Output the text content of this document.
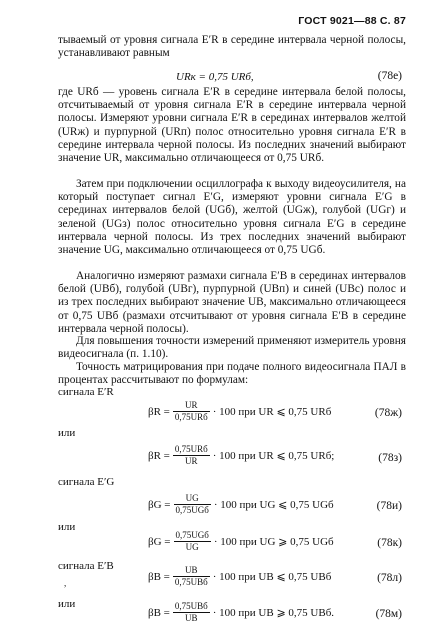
ГОСТ 9021—88 С. 87

тываемый от уровня сигнала E′R в середине интервала черной полосы, устанавливают равным

URк = 0,75 URб,	(78е)

где URб — уровень сигнала E′R в середине интервала белой полосы, отсчитываемый от уровня сигнала E′R в середине интервала черной полосы. Измеряют уровни сигнала E′R в серединах интервалов желтой (URж) и пурпурной (URп) полос относительно уровня сигнала E′R в середине интервала черной полосы. Из последних значений выбирают значение UR, максимально отличающееся от 0,75 URб.

Затем при подключении осциллографа к выходу видеоусилителя, на который поступает сигнал E′G, измеряют уровни сигнала E′G в серединах интервалов белой (UGб), желтой (UGж), голубой (UGг) и зеленой (UGз) полос относительно уровня сигнала E′G в середине интервала черной полосы. Из трех последних значений выбирают значение UG, максимально отличающееся от 0,75 UGб.

Аналогично измеряют размахи сигнала E′B в серединах интервалов белой (UBб), голубой (UBг), пурпурной (UBп) и синей (UBс) полос и из трех последних выбирают значение UB, максимально отличающееся от 0,75 UBб (размахи отсчитывают от уровня сигнала E′B в середине интервала черной полосы).

Для повышения точности измерений применяют измеритель уровня видеосигнала (п. 1.10).

Точность матрицирования при подаче полного видеосигнала ПАЛ в процентах рассчитывают по формулам:

сигнала E′R
$\beta R = \frac{UR}{\text{0,75URб}} \cdot 100$ при UR ⩽ 0,75 URб	(78ж)
или
$\beta R = \frac{\text{0,75URб}}{UR} \cdot 100$ при UR ⩽ 0,75 URб;	(78з)
сигнала E′G
$\beta G = \frac{UG}{\text{0,75UGб}} \cdot 100$ при UG ⩽ 0,75 UGб	(78и)
или
$\beta G = \frac{\text{0,75UGб}}{UG} \cdot 100$ при UG ⩾ 0,75 UGб	(78к)
сигнала E′B
$\beta B = \frac{UB}{\text{0,75UBб}} \cdot 100$ при UB ⩽ 0,75 UBб	(78л)
,
или
$\beta B = \frac{\text{0,75UBб}}{UB} \cdot 100$ при UB ⩾ 0,75 UBб.	(78м)
